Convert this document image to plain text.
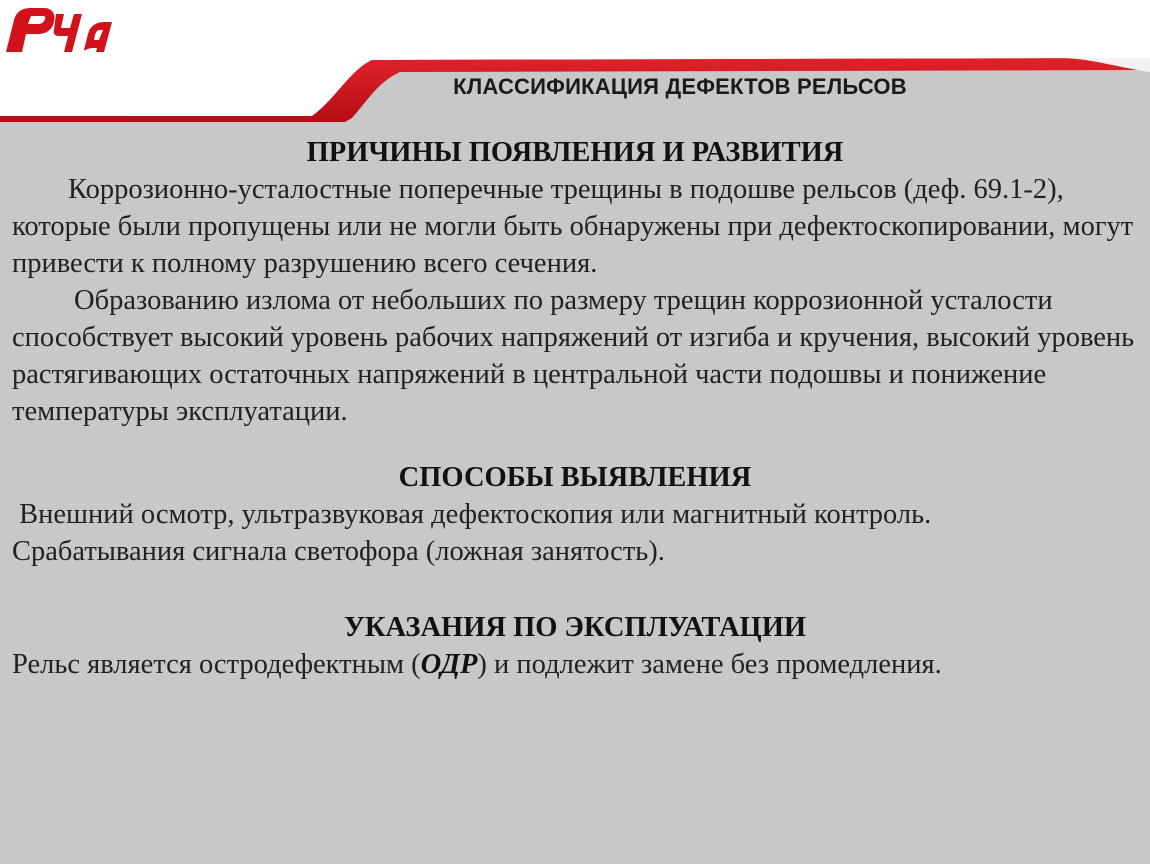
КЛАССИФИКАЦИЯ ДЕФЕКТОВ РЕЛЬСОВ
ПРИЧИНЫ ПОЯВЛЕНИЯ И РАЗВИТИЯ

Коррозионно-усталостные поперечные трещины в подошве рельсов (деф. 69.1-2), которые были пропущены или не могли быть обнаружены при дефектоскопировании, могут привести к полному разрушению всего сечения.

Образованию излома от небольших по размеру трещин коррозионной усталости способствует высокий уровень рабочих напряжений от изгиба и кручения, высокий уровень растягивающих остаточных напряжений в центральной части подошвы и понижение температуры эксплуатации.

СПОСОБЫ ВЫЯВЛЕНИЯ

Внешний осмотр, ультразвуковая дефектоскопия или магнитный контроль.

Срабатывания сигнала светофора (ложная занятость).

УКАЗАНИЯ ПО ЭКСПЛУАТАЦИИ

Рельс является остродефектным (ОДР) и подлежит замене без промедления.
